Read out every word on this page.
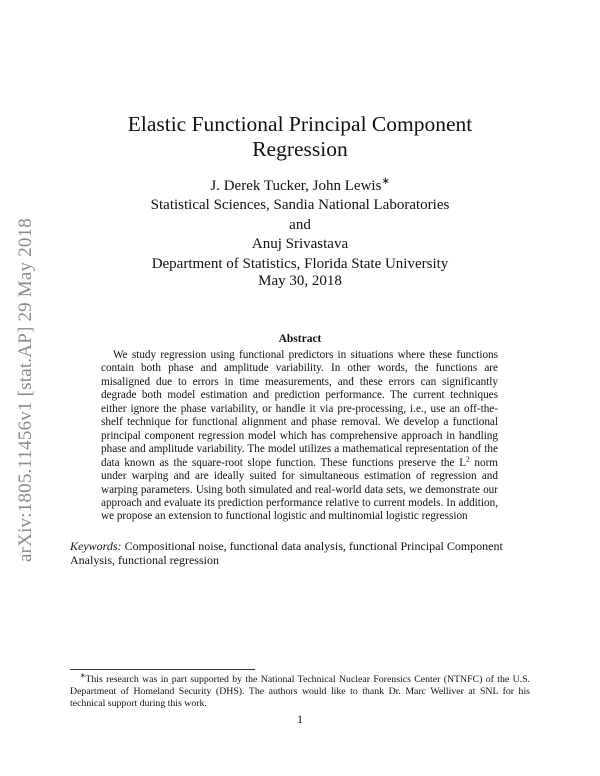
arXiv:1805.11456v1 [stat.AP] 29 May 2018
Elastic Functional Principal Component
Regression
J. Derek Tucker, John Lewis∗
Statistical Sciences, Sandia National Laboratories
and
Anuj Srivastava
Department of Statistics, Florida State University
May 30, 2018
Abstract

We study regression using functional predictors in situations where these functions contain both phase and amplitude variability. In other words, the functions are misaligned due to errors in time measurements, and these errors can significantly degrade both model estimation and prediction performance. The current techniques either ignore the phase variability, or handle it via pre-processing, i.e., use an off-the-shelf technique for functional alignment and phase removal. We develop a functional principal component regression model which has comprehensive approach in handling phase and amplitude variability. The model utilizes a mathematical representation of the data known as the square-root slope function. These functions preserve the $L^2$ norm under warping and are ideally suited for simultaneous estimation of regression and warping parameters. Using both simulated and real-world data sets, we demonstrate our approach and evaluate its prediction performance relative to current models. In addition, we propose an extension to functional logistic and multinomial logistic regression

Keywords: Compositional noise, functional data analysis, functional Principal Component Analysis, functional regression

∗This research was in part supported by the National Technical Nuclear Forensics Center (NTNFC) of the U.S. Department of Homeland Security (DHS). The authors would like to thank Dr. Marc Welliver at SNL for his technical support during this work.

1
